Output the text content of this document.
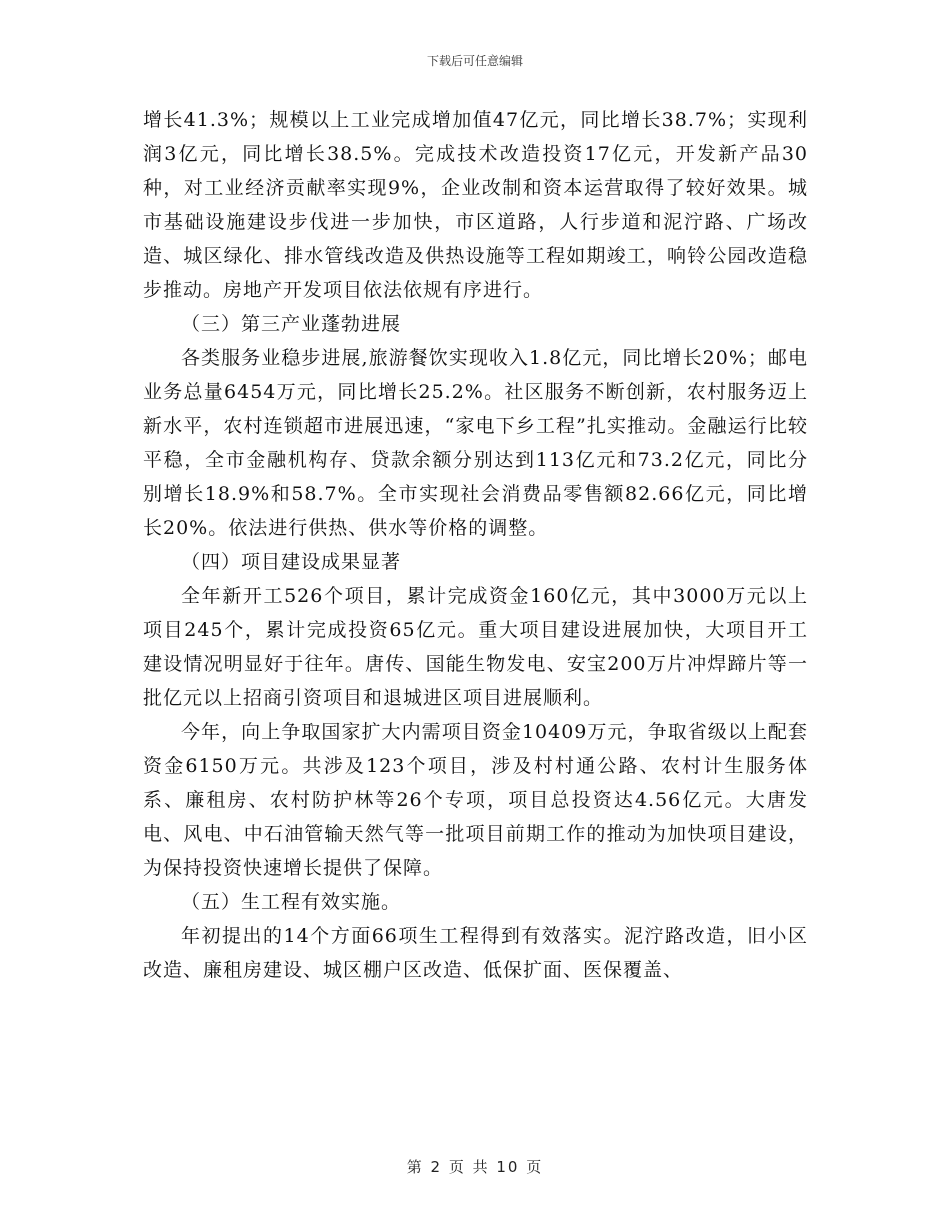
下载后可任意编辑

增长41.3%；规模以上工业完成增加值47亿元，同比增长38.7%；实现利润3亿元，同比增长38.5%。完成技术改造投资17亿元，开发新产品30种，对工业经济贡献率实现9%，企业改制和资本运营取得了较好效果。城市基础设施建设步伐进一步加快，市区道路，人行步道和泥泞路、广场改造、城区绿化、排水管线改造及供热设施等工程如期竣工，响铃公园改造稳步推动。房地产开发项目依法依规有序进行。

（三）第三产业蓬勃进展

各类服务业稳步进展,旅游餐饮实现收入1.8亿元，同比增长20%；邮电业务总量6454万元，同比增长25.2%。社区服务不断创新，农村服务迈上新水平，农村连锁超市进展迅速，“家电下乡工程”扎实推动。金融运行比较平稳，全市金融机构存、贷款余额分别达到113亿元和73.2亿元，同比分别增长18.9%和58.7%。全市实现社会消费品零售额82.66亿元，同比增长20%。依法进行供热、供水等价格的调整。

（四）项目建设成果显著

全年新开工526个项目，累计完成资金160亿元，其中3000万元以上项目245个，累计完成投资65亿元。重大项目建设进展加快，大项目开工建设情况明显好于往年。唐传、国能生物发电、安宝200万片冲焊蹄片等一批亿元以上招商引资项目和退城进区项目进展顺利。

今年，向上争取国家扩大内需项目资金10409万元，争取省级以上配套资金6150万元。共涉及123个项目，涉及村村通公路、农村计生服务体系、廉租房、农村防护林等26个专项，项目总投资达4.56亿元。大唐发电、风电、中石油管输天然气等一批项目前期工作的推动为加快项目建设，为保持投资快速增长提供了保障。

（五）生工程有效实施。

年初提出的14个方面66项生工程得到有效落实。泥泞路改造，旧小区改造、廉租房建设、城区棚户区改造、低保扩面、医保覆盖、

第 2 页 共 10 页
